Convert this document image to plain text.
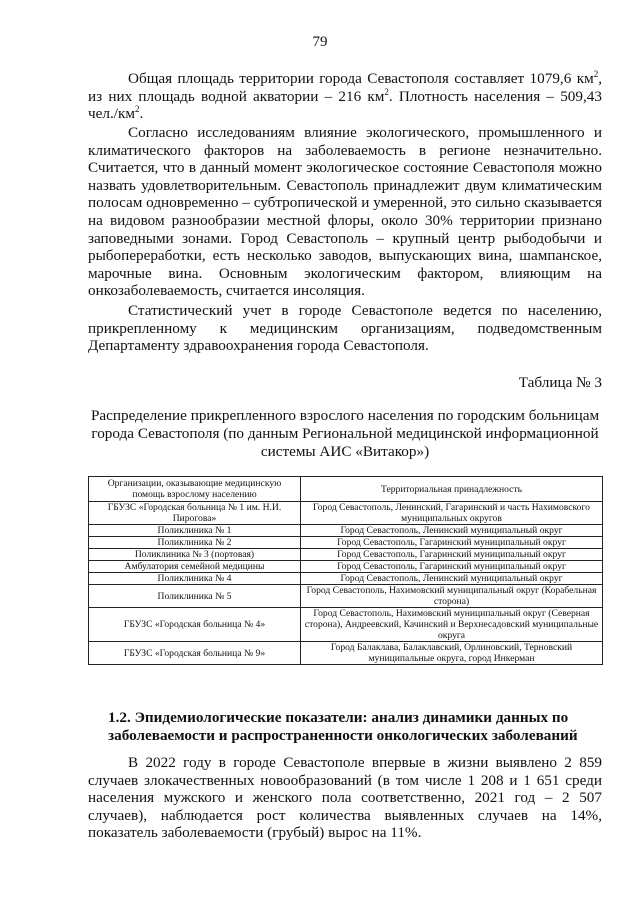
79

Общая площадь территории города Севастополя составляет 1079,6 $км^2$, из них площадь водной акватории – 216 $км^2$. Плотность населения – 509,43 $чел./км^2$.

Согласно исследованиям влияние экологического, промышленного и климатического факторов на заболеваемость в регионе незначительно. Считается, что в данный момент экологическое состояние Севастополя можно назвать удовлетворительным. Севастополь принадлежит двум климатическим полосам одновременно – субтропической и умеренной, это сильно сказывается на видовом разнообразии местной флоры, около 30% территории признано заповедными зонами. Город Севастополь – крупный центр рыбодобычи и рыбопереработки, есть несколько заводов, выпускающих вина, шампанское, марочные вина. Основным экологическим фактором, влияющим на онкозаболеваемость, считается инсоляция.

Статистический учет в городе Севастополе ведется по населению, прикрепленному к медицинским организациям, подведомственным Департаменту здравоохранения города Севастополя.

Таблица № 3
Распределение прикрепленного взрослого населения по городским больницам города Севастополя (по данным Региональной медицинской информационной системы АИС «Витакор»)
Организации, оказывающие медицинскую помощь взрослому населению	Территориальная принадлежность
ГБУЗС «Городская больница № 1 им. Н.И. Пирогова»	Город Севастополь, Ленинский, Гагаринский и часть Нахимовского муниципальных округов
Поликлиника № 1	Город Севастополь, Ленинский муниципальный округ
Поликлиника № 2	Город Севастополь, Гагаринский муниципальный округ
Поликлиника № 3 (портовая)	Город Севастополь, Гагаринский муниципальный округ
Амбулатория семейной медицины	Город Севастополь, Гагаринский муниципальный округ
Поликлиника № 4	Город Севастополь, Ленинский муниципальный округ
Поликлиника № 5	Город Севастополь, Нахимовский муниципальный округ (Корабельная сторона)
ГБУЗС «Городская больница № 4»	Город Севастополь, Нахимовский муниципальный округ (Северная сторона), Андреевский, Качинский и Верхнесадовский муниципальные округа
ГБУЗС «Городская больница № 9»	Город Балаклава, Балаклавский, Орлиновский, Терновский муниципальные округа, город Инкерман
1.2. Эпидемиологические показатели: анализ динамики данных по заболеваемости и распространенности онкологических заболеваний

В 2022 году в городе Севастополе впервые в жизни выявлено 2 859 случаев злокачественных новообразований (в том числе 1 208 и 1 651 среди населения мужского и женского пола соответственно, 2021 год – 2 507 случаев), наблюдается рост количества выявленных случаев на 14%, показатель заболеваемости (грубый) вырос на 11%.
